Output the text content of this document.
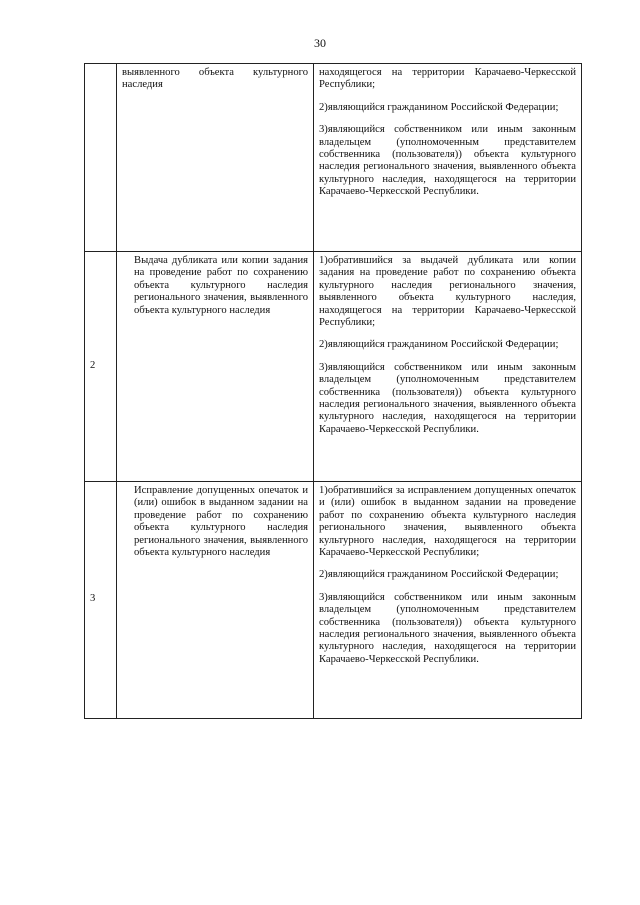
30

	выявленного объекта культурного наследия	находящегося на территории Карачаево-Черкесской Республики;
2)являющийся гражданином Российской Федерации;
3)являющийся собственником или иным законным владельцем (уполномоченным представителем собственника (пользователя)) объекта культурного наследия регионального значения, выявленного объекта культурного наследия, находящегося на территории Карачаево-Черкесской Республики.

2	Выдача дубликата или копии задания на проведение работ по сохранению объекта культурного наследия регионального значения, выявленного объекта культурного наследия	1)обратившийся за выдачей дубликата или копии задания на проведение работ по сохранению объекта культурного наследия регионального значения, выявленного объекта культурного наследия, находящегося на территории Карачаево-Черкесской Республики;
2)являющийся гражданином Российской Федерации;
3)являющийся собственником или иным законным владельцем (уполномоченным представителем собственника (пользователя)) объекта культурного наследия регионального значения, выявленного объекта культурного наследия, находящегося на территории Карачаево-Черкесской Республики.

3	Исправление допущенных опечаток и (или) ошибок в выданном задании на проведение работ по сохранению объекта культурного наследия регионального значения, выявленного объекта культурного наследия	1)обратившийся за исправлением допущенных опечаток и (или) ошибок в выданном задании на проведение работ по сохранению объекта культурного наследия регионального значения, выявленного объекта культурного наследия, находящегося на территории Карачаево-Черкесской Республики;
2)являющийся гражданином Российской Федерации;
3)являющийся собственником или иным законным владельцем (уполномоченным представителем собственника (пользователя)) объекта культурного наследия регионального значения, выявленного объекта культурного наследия, находящегося на территории Карачаево-Черкесской Республики.
